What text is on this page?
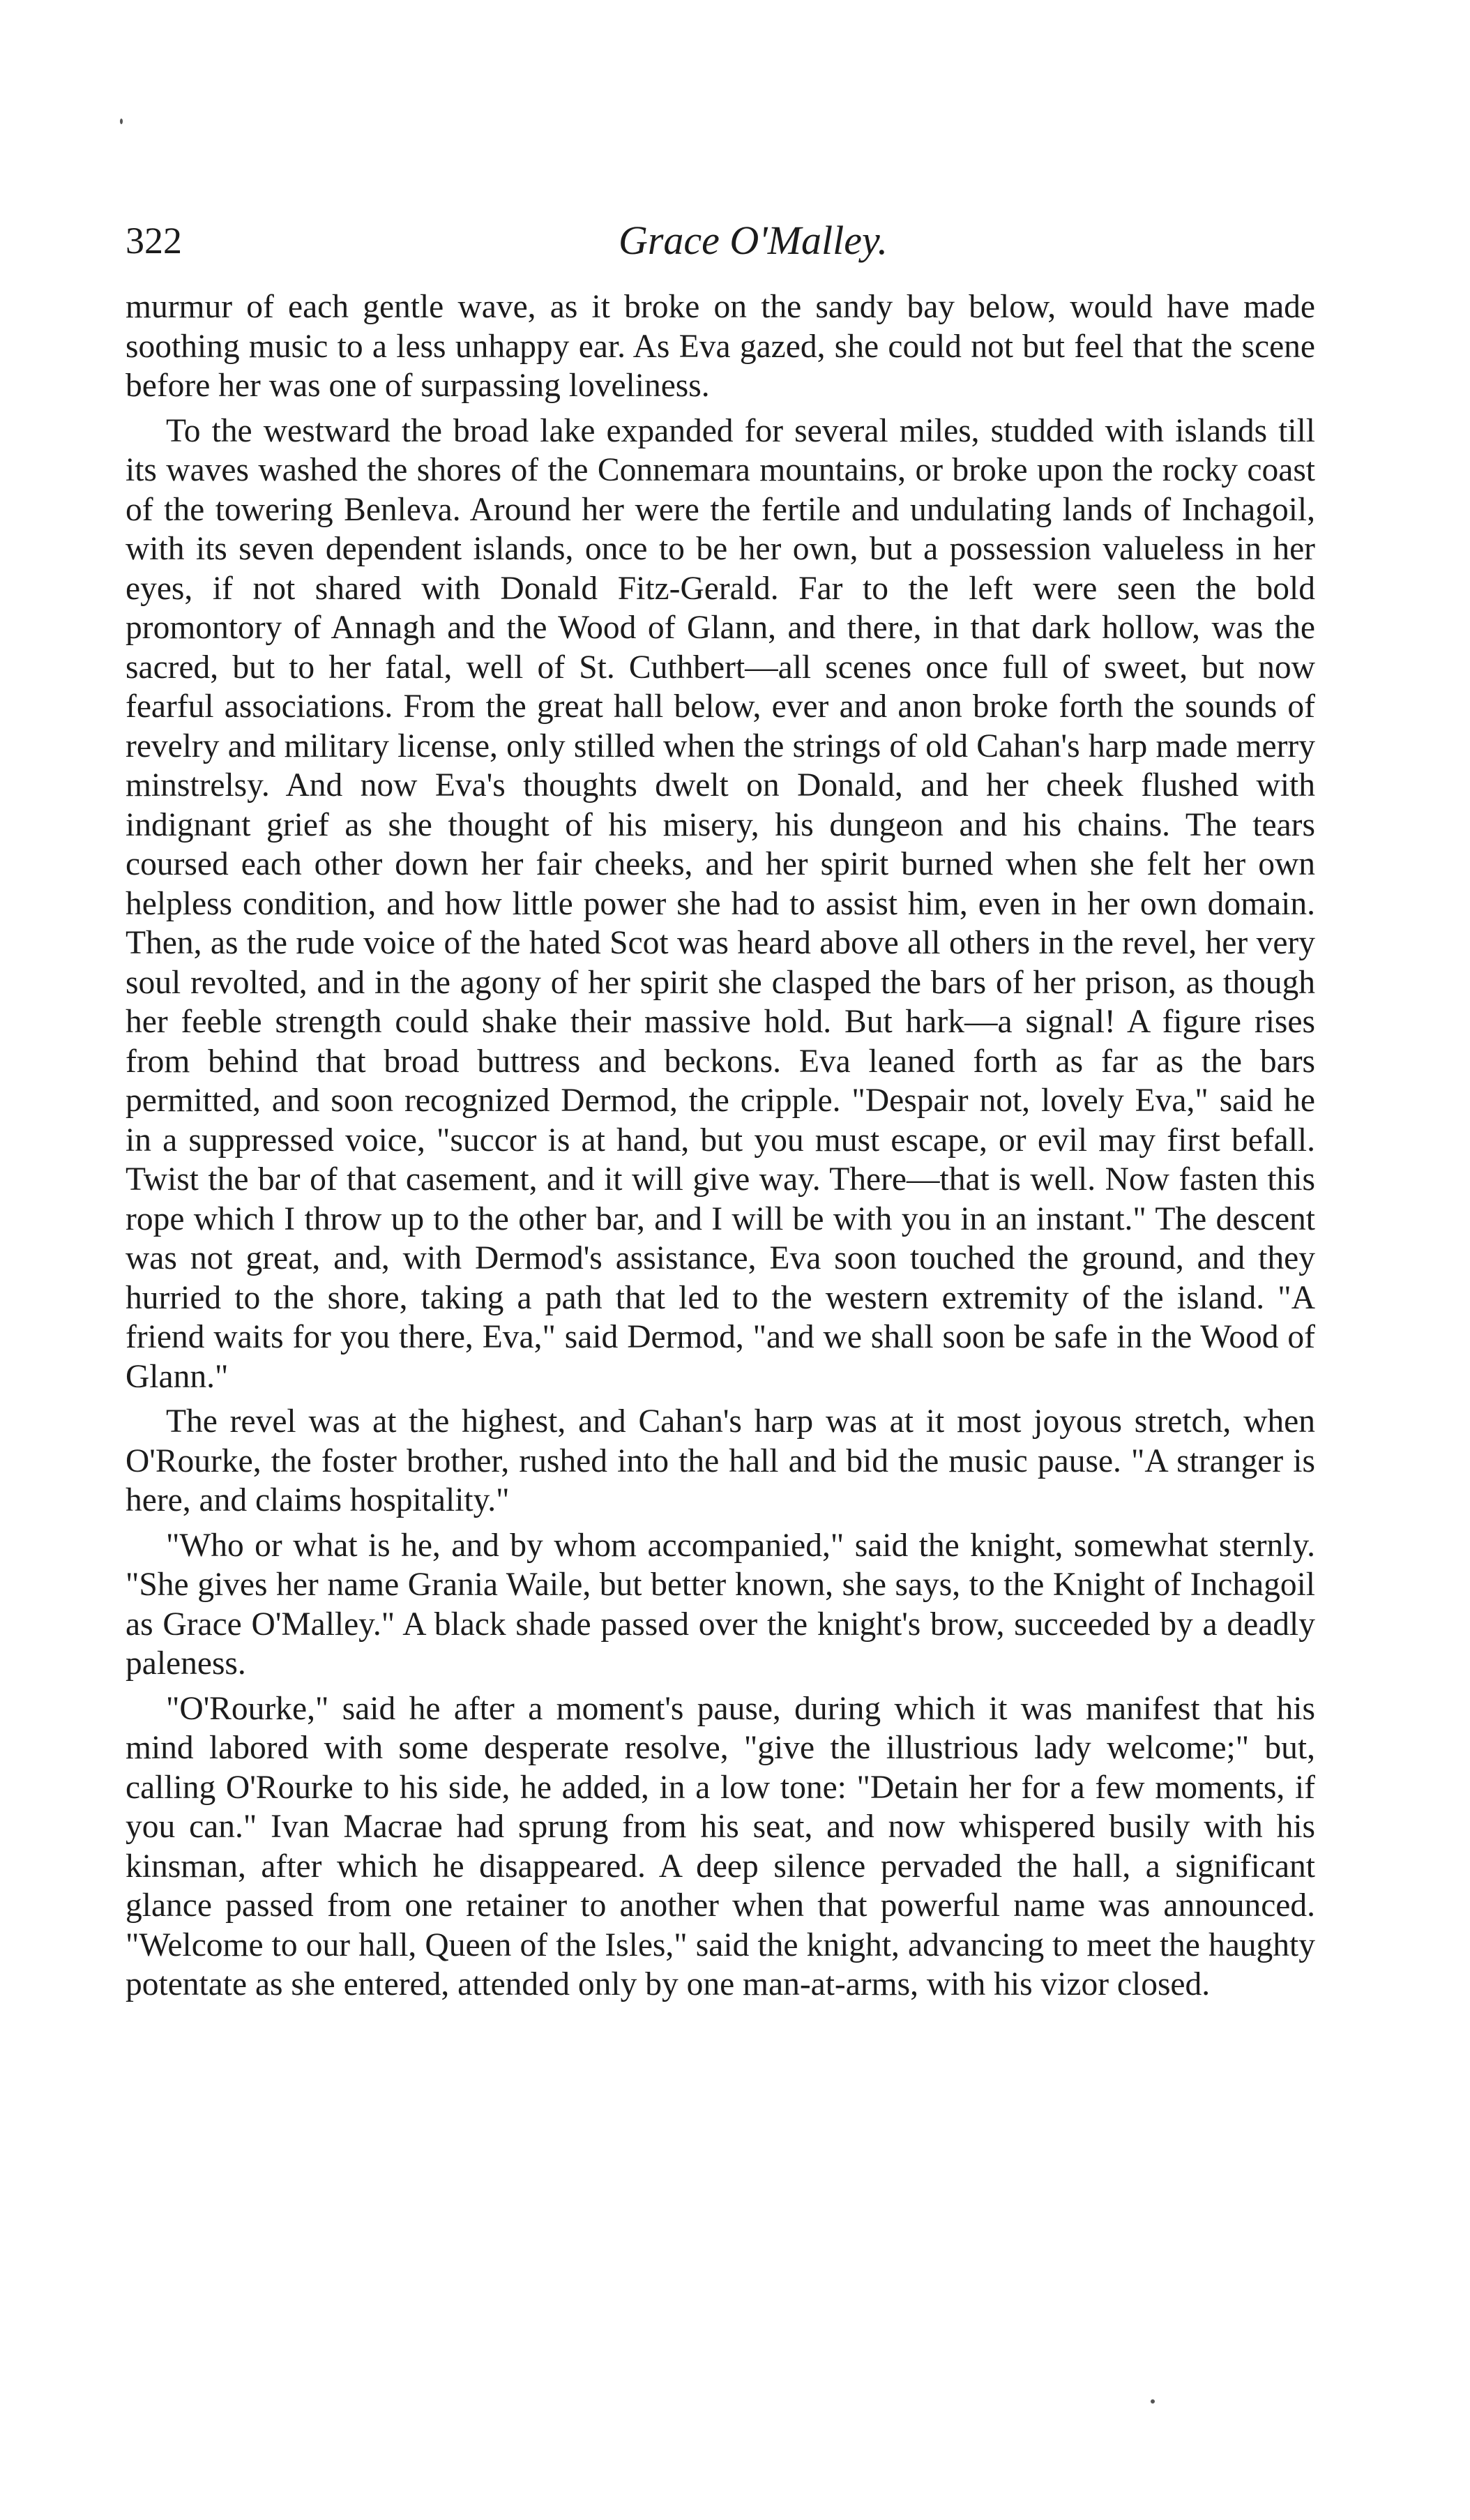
322	Grace O'Malley.

murmur of each gentle wave, as it broke on the sandy bay below, would have made soothing music to a less unhappy ear. As Eva gazed, she could not but feel that the scene before her was one of surpassing loveliness.

To the westward the broad lake expanded for several miles, studded with islands till its waves washed the shores of the Connemara mountains, or broke upon the rocky coast of the towering Benleva. Around her were the fertile and undulating lands of Inchagoil, with its seven dependent islands, once to be her own, but a possession valueless in her eyes, if not shared with Donald Fitz-Gerald. Far to the left were seen the bold promontory of Annagh and the Wood of Glann, and there, in that dark hollow, was the sacred, but to her fatal, well of St. Cuthbert—all scenes once full of sweet, but now fearful associations. From the great hall below, ever and anon broke forth the sounds of revelry and military license, only stilled when the strings of old Cahan's harp made merry minstrelsy. And now Eva's thoughts dwelt on Donald, and her cheek flushed with indignant grief as she thought of his misery, his dungeon and his chains. The tears coursed each other down her fair cheeks, and her spirit burned when she felt her own helpless condition, and how little power she had to assist him, even in her own domain. Then, as the rude voice of the hated Scot was heard above all others in the revel, her very soul revolted, and in the agony of her spirit she clasped the bars of her prison, as though her feeble strength could shake their massive hold. But hark—a signal! A figure rises from behind that broad buttress and beckons. Eva leaned forth as far as the bars permitted, and soon recognized Dermod, the cripple. "Despair not, lovely Eva," said he in a suppressed voice, "succor is at hand, but you must escape, or evil may first befall. Twist the bar of that casement, and it will give way. There—that is well. Now fasten this rope which I throw up to the other bar, and I will be with you in an instant." The descent was not great, and, with Dermod's assistance, Eva soon touched the ground, and they hurried to the shore, taking a path that led to the western extremity of the island. "A friend waits for you there, Eva," said Dermod, "and we shall soon be safe in the Wood of Glann."

The revel was at the highest, and Cahan's harp was at it most joyous stretch, when O'Rourke, the foster brother, rushed into the hall and bid the music pause. "A stranger is here, and claims hospitality."

"Who or what is he, and by whom accompanied," said the knight, somewhat sternly. "She gives her name Grania Waile, but better known, she says, to the Knight of Inchagoil as Grace O'Malley." A black shade passed over the knight's brow, succeeded by a deadly paleness.

"O'Rourke," said he after a moment's pause, during which it was manifest that his mind labored with some desperate resolve, "give the illustrious lady welcome;" but, calling O'Rourke to his side, he added, in a low tone: "Detain her for a few moments, if you can." Ivan Macrae had sprung from his seat, and now whispered busily with his kinsman, after which he disappeared. A deep silence pervaded the hall, a significant glance passed from one retainer to another when that powerful name was announced. "Welcome to our hall, Queen of the Isles," said the knight, advancing to meet the haughty potentate as she entered, attended only by one man-at-arms, with his vizor closed.
